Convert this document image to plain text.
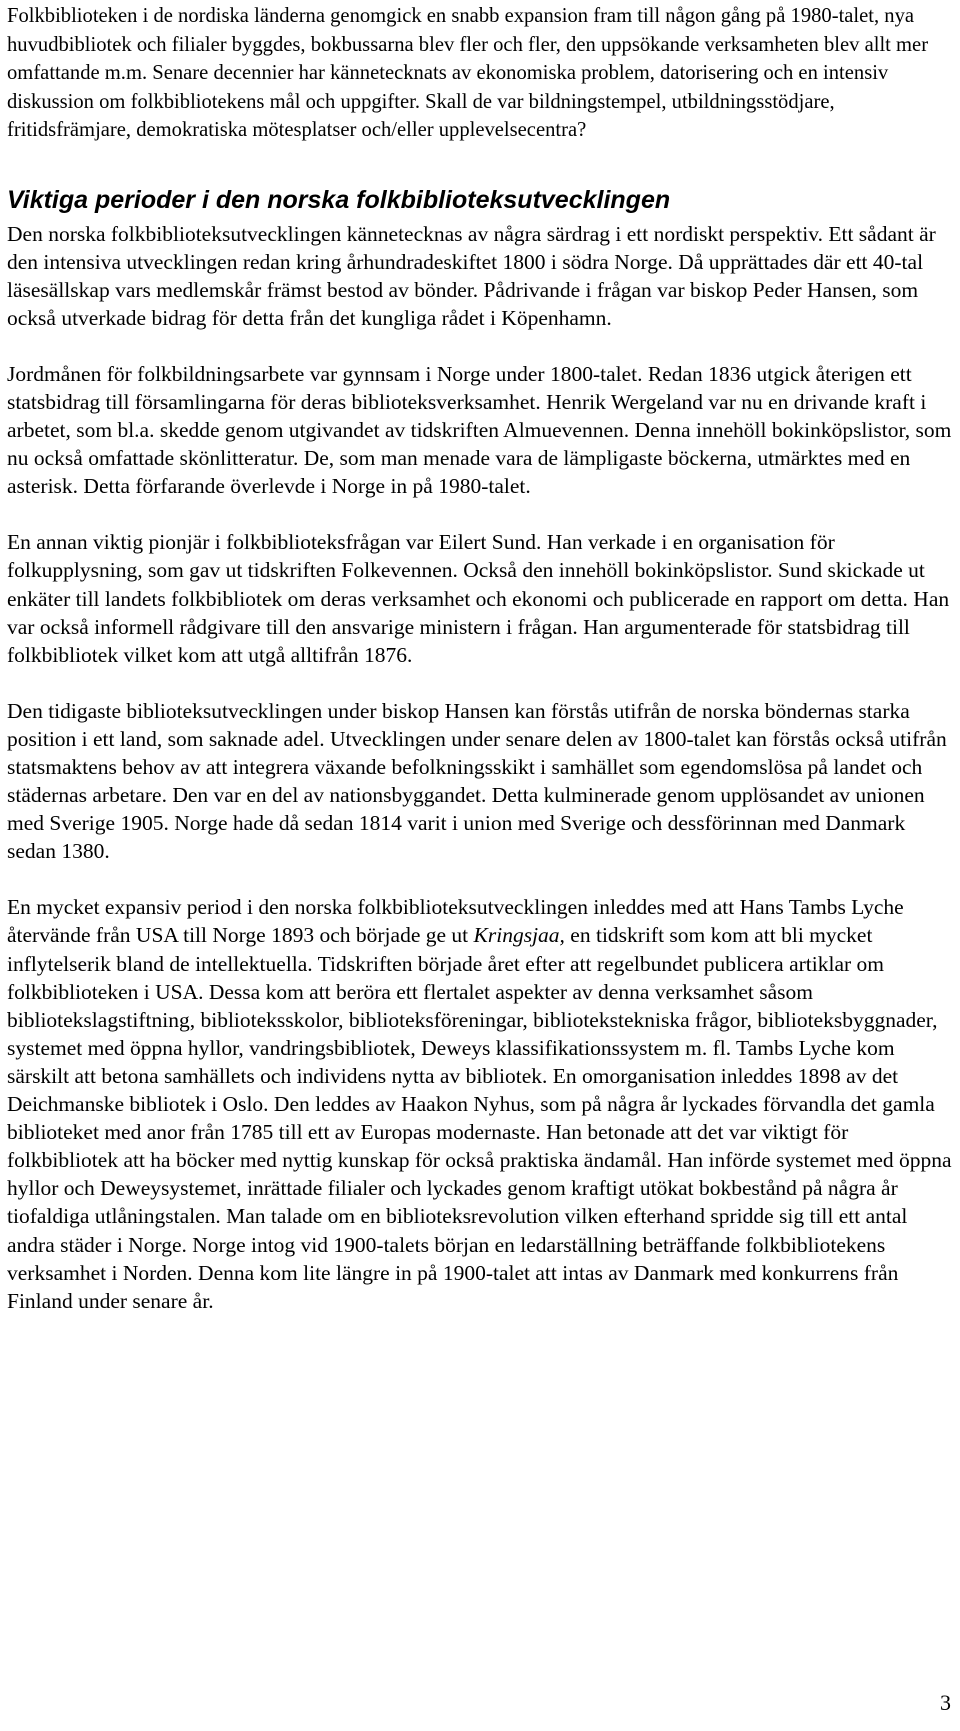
Folkbiblioteken i de nordiska länderna genomgick en snabb expansion fram till någon gång på 1980-talet, nya huvudbibliotek och filialer byggdes, bokbussarna blev fler och fler, den uppsökande verksamheten blev allt mer omfattande m.m. Senare decennier har kännetecknats av ekonomiska problem, datorisering och en intensiv diskussion om folkbibliotekens mål och uppgifter. Skall de var bildningstempel, utbildningsstödjare, fritidsfrämjare, demokratiska mötesplatser och/eller upplevelsecentra?

Viktiga perioder i den norska folkbiblioteksutvecklingen

Den norska folkbiblioteksutvecklingen kännetecknas av några särdrag i ett nordiskt perspektiv. Ett sådant är den intensiva utvecklingen redan kring århundradeskiftet 1800 i södra Norge. Då upprättades där ett 40-tal läsesällskap vars medlemskår främst bestod av bönder. Pådrivande i frågan var biskop Peder Hansen, som också utverkade bidrag för detta från det kungliga rådet i Köpenhamn.

Jordmånen för folkbildningsarbete var gynnsam i Norge under 1800-talet. Redan 1836 utgick återigen ett statsbidrag till församlingarna för deras biblioteksverksamhet. Henrik Wergeland var nu en drivande kraft i arbetet, som bl.a. skedde genom utgivandet av tidskriften Almuevennen. Denna innehöll bokinköpslistor, som nu också omfattade skönlitteratur. De, som man menade vara de lämpligaste böckerna, utmärktes med en asterisk. Detta förfarande överlevde i Norge in på 1980-talet.

En annan viktig pionjär i folkbiblioteksfrågan var Eilert Sund. Han verkade i en organisation för folkupplysning, som gav ut tidskriften Folkevennen. Också den innehöll bokinköpslistor. Sund skickade ut enkäter till landets folkbibliotek om deras verksamhet och ekonomi och publicerade en rapport om detta. Han var också informell rådgivare till den ansvarige ministern i frågan. Han argumenterade för statsbidrag till folkbibliotek vilket kom att utgå alltifrån 1876.

Den tidigaste biblioteksutvecklingen under biskop Hansen kan förstås utifrån de norska böndernas starka position i ett land, som saknade adel. Utvecklingen under senare delen av 1800-talet kan förstås också utifrån statsmaktens behov av att integrera växande befolkningsskikt i samhället som egendomslösa på landet och städernas arbetare. Den var en del av nationsbyggandet. Detta kulminerade genom upplösandet av unionen med Sverige 1905. Norge hade då sedan 1814 varit i union med Sverige och dessförinnan med Danmark sedan 1380.

En mycket expansiv period i den norska folkbiblioteksutvecklingen inleddes med att Hans Tambs Lyche återvände från USA till Norge 1893 och började ge ut Kringsjaa, en tidskrift som kom att bli mycket inflytelserik bland de intellektuella. Tidskriften började året efter att regelbundet publicera artiklar om folkbiblioteken i USA. Dessa kom att beröra ett flertalet aspekter av denna verksamhet såsom bibliotekslagstiftning, biblioteksskolor, biblioteksföreningar, bibliotekstekniska frågor, biblioteksbyggnader, systemet med öppna hyllor, vandringsbibliotek, Deweys klassifikationssystem m. fl. Tambs Lyche kom särskilt att betona samhällets och individens nytta av bibliotek. En omorganisation inleddes 1898 av det Deichmanske bibliotek i Oslo. Den leddes av Haakon Nyhus, som på några år lyckades förvandla det gamla biblioteket med anor från 1785 till ett av Europas modernaste. Han betonade att det var viktigt för folkbibliotek att ha böcker med nyttig kunskap för också praktiska ändamål. Han införde systemet med öppna hyllor och Deweysystemet, inrättade filialer och lyckades genom kraftigt utökat bokbestånd på några år tiofaldiga utlåningstalen. Man talade om en biblioteksrevolution vilken efterhand spridde sig till ett antal andra städer i Norge. Norge intog vid 1900-talets början en ledarställning beträffande folkbibliotekens verksamhet i Norden. Denna kom lite längre in på 1900-talet att intas av Danmark med konkurrens från Finland under senare år.

3
